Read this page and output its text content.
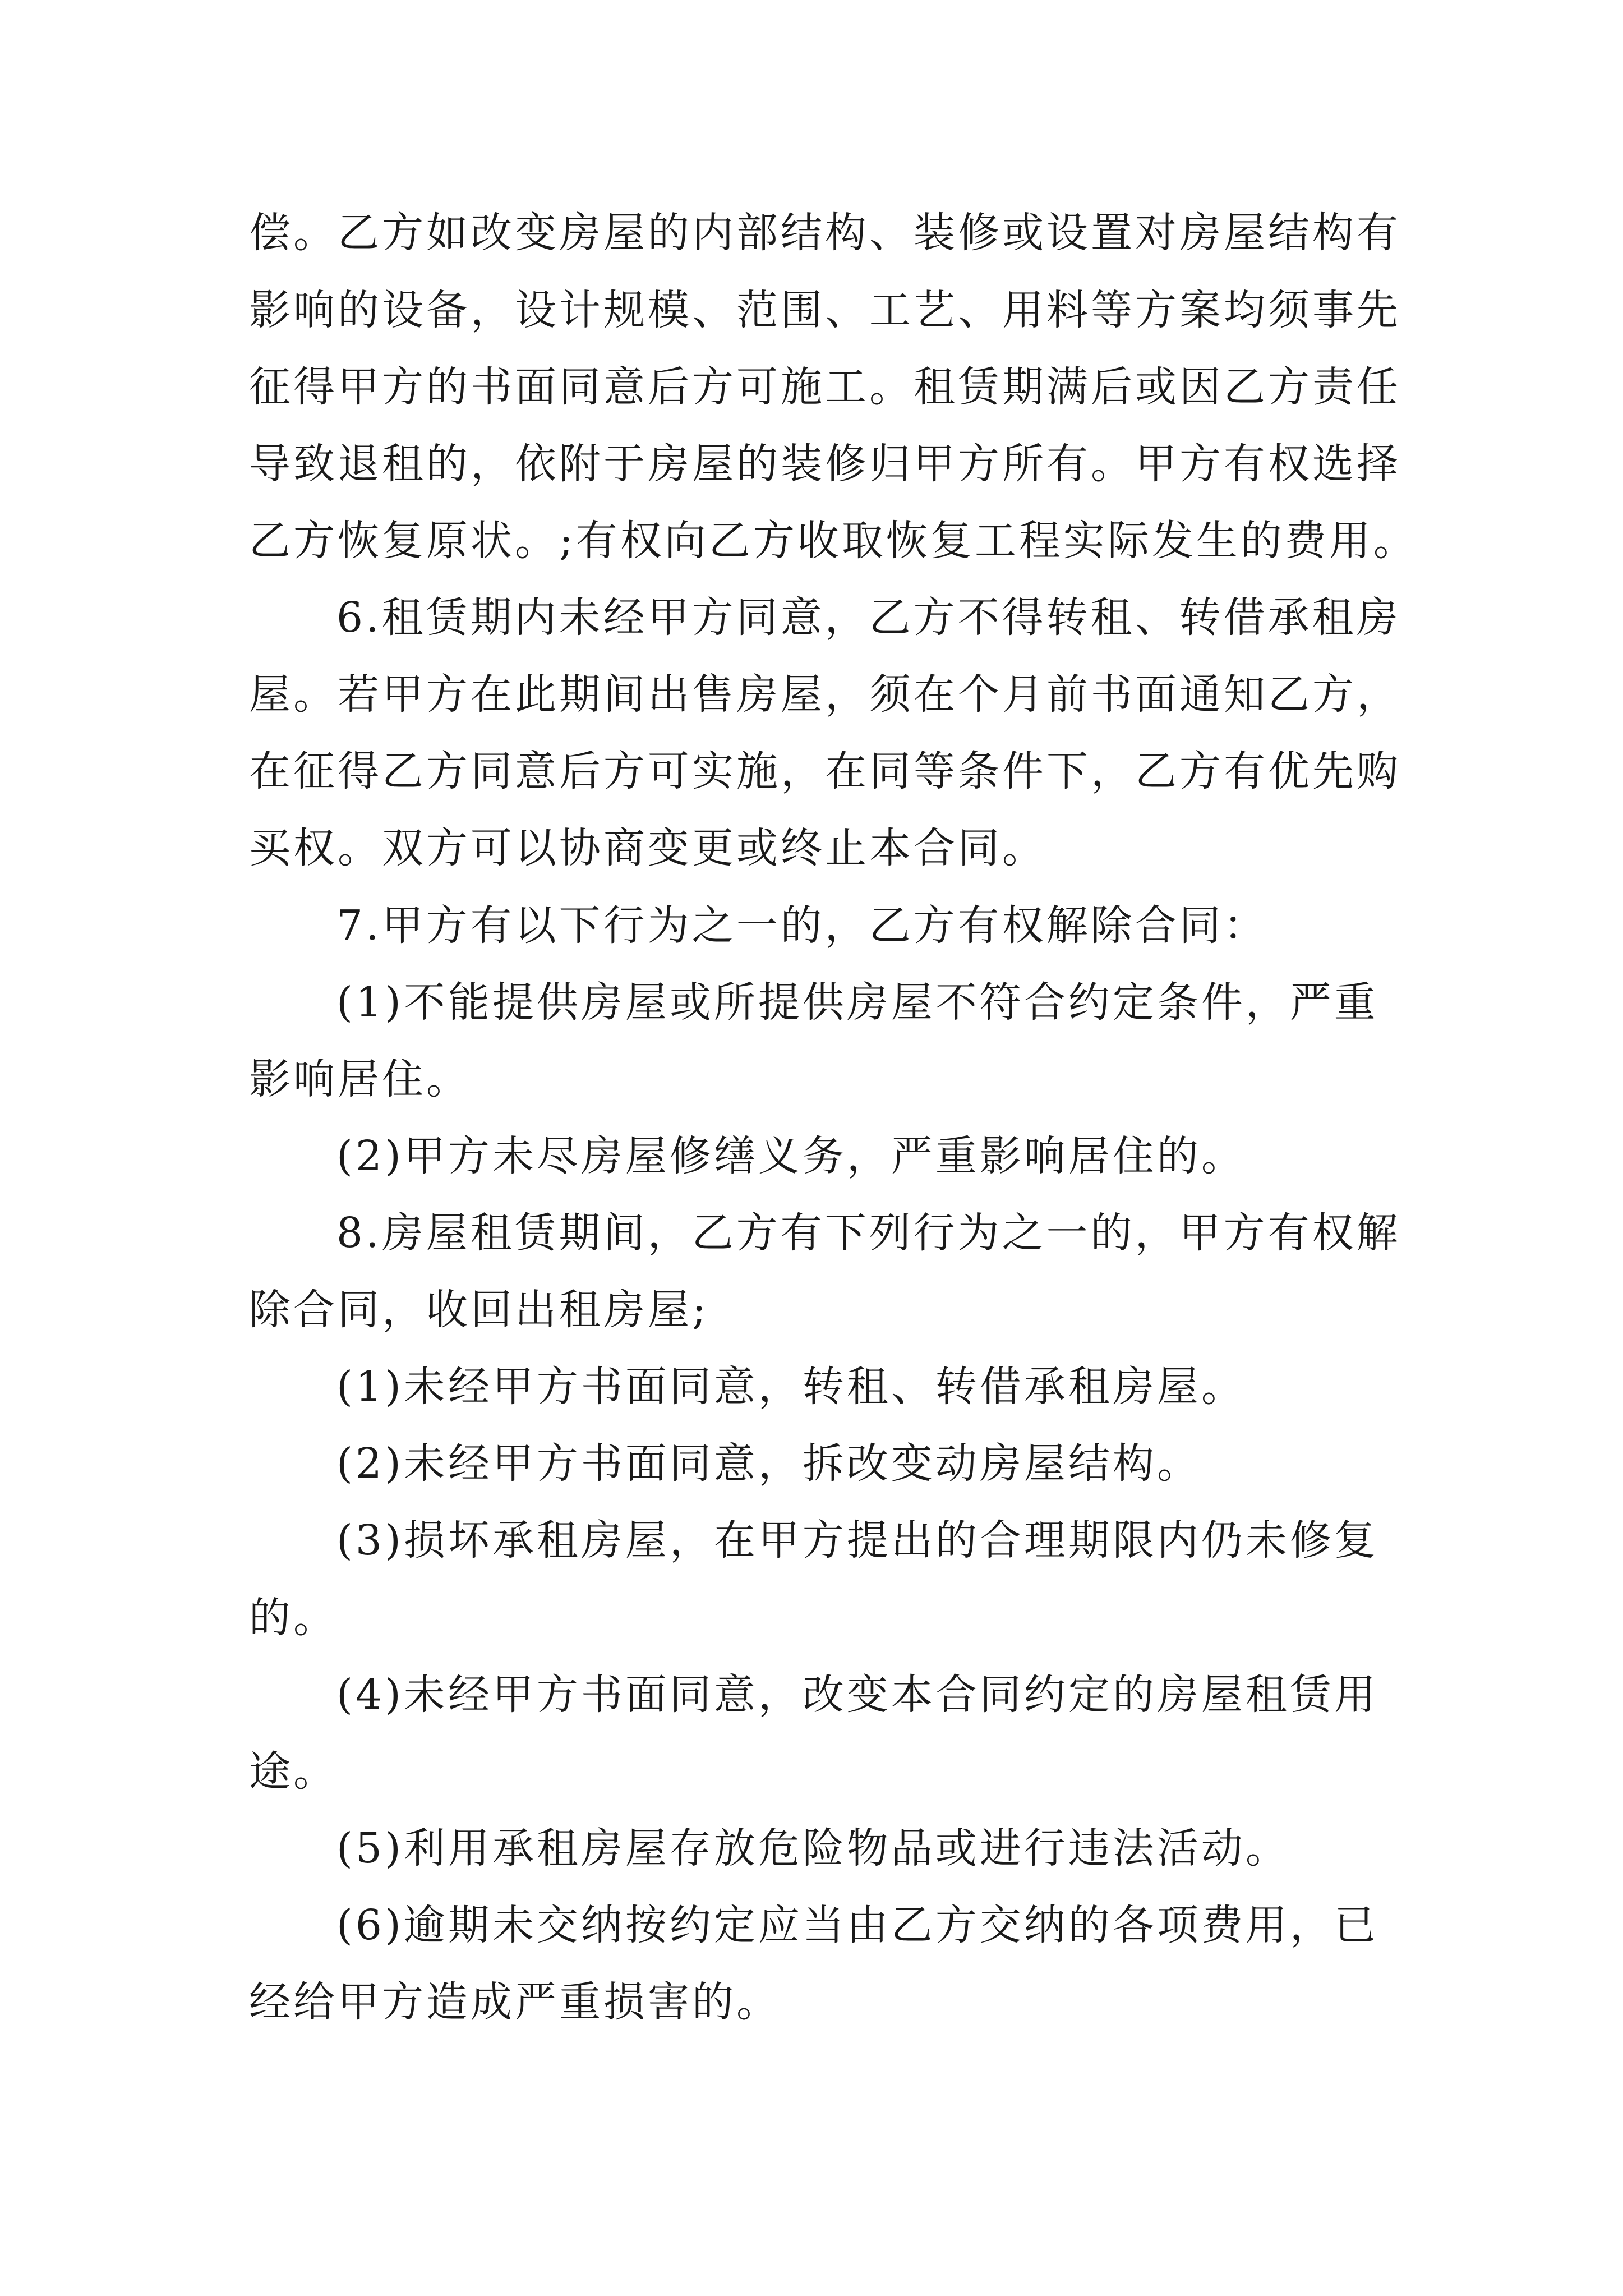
偿。乙方如改变房屋的内部结构、装修或设置对房屋结构有
影响的设备，设计规模、范围、工艺、用料等方案均须事先
征得甲方的书面同意后方可施工。租赁期满后或因乙方责任
导致退租的，依附于房屋的装修归甲方所有。甲方有权选择
乙方恢复原状。;有权向乙方收取恢复工程实际发生的费用。
6.租赁期内未经甲方同意，乙方不得转租、转借承租房
屋。若甲方在此期间出售房屋，须在个月前书面通知乙方，
在征得乙方同意后方可实施，在同等条件下，乙方有优先购
买权。双方可以协商变更或终止本合同。
7.甲方有以下行为之一的，乙方有权解除合同：
(1)不能提供房屋或所提供房屋不符合约定条件，严重
影响居住。
(2)甲方未尽房屋修缮义务，严重影响居住的。
8.房屋租赁期间，乙方有下列行为之一的，甲方有权解
除合同，收回出租房屋;
(1)未经甲方书面同意，转租、转借承租房屋。
(2)未经甲方书面同意，拆改变动房屋结构。
(3)损坏承租房屋，在甲方提出的合理期限内仍未修复
的。
(4)未经甲方书面同意，改变本合同约定的房屋租赁用
途。
(5)利用承租房屋存放危险物品或进行违法活动。
(6)逾期未交纳按约定应当由乙方交纳的各项费用，已
经给甲方造成严重损害的。
